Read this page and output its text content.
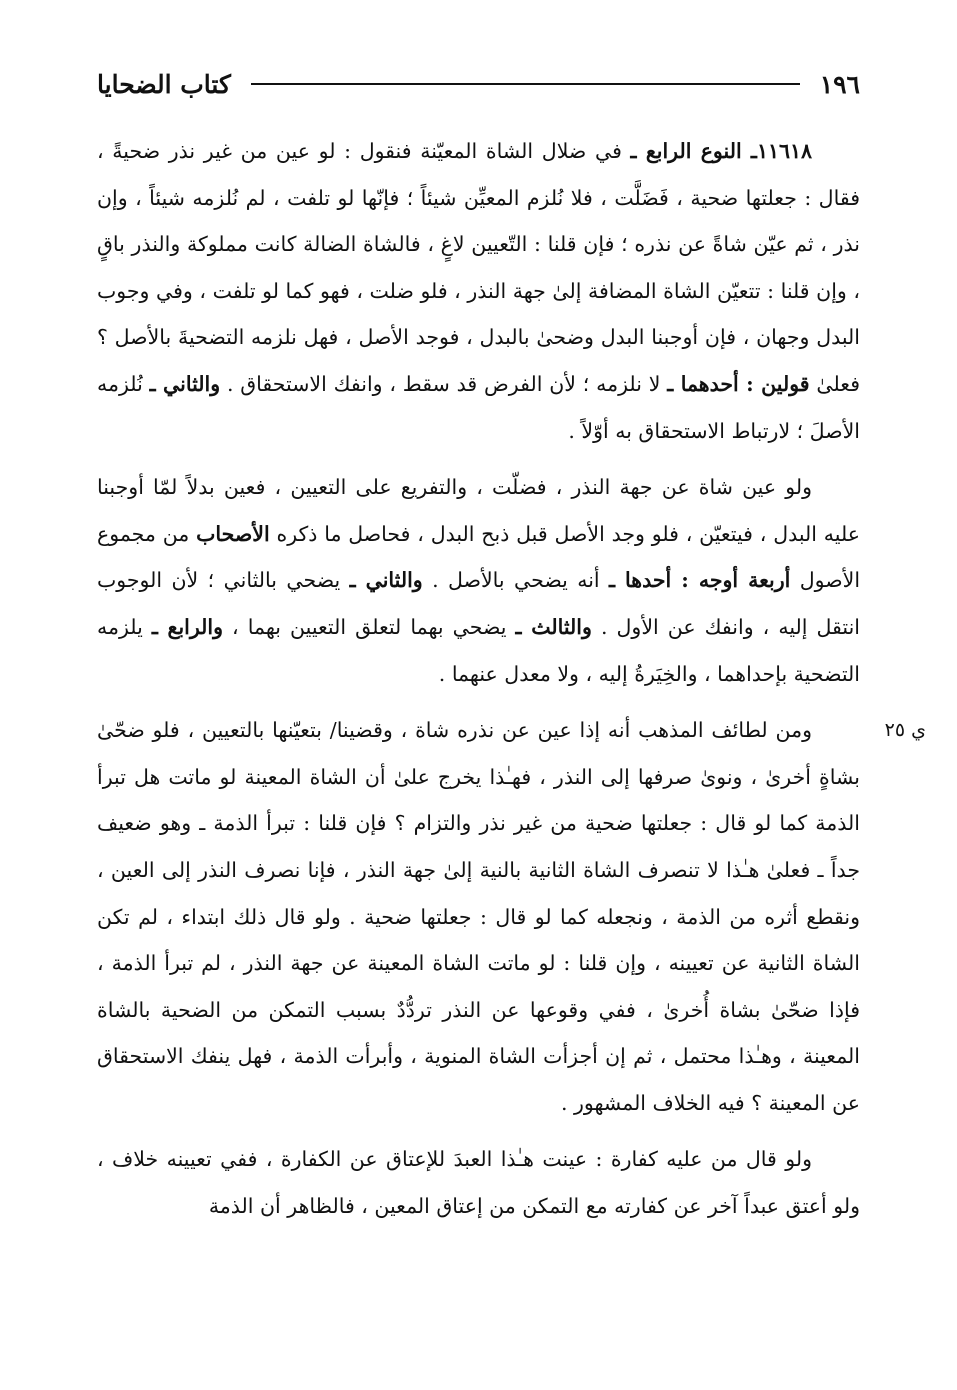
١٩٦
كتاب الضحايا

١١٦١٨ـ النوع الرابع ـ في ضلال الشاة المعيّنة فنقول : لو عين من غير نذر ضحيةً ، فقال : جعلتها ضحية ، فَضَلَّت ، فلا نُلزم المعيِّن شيئاً ؛ فإنّها لو تلفت ، لم نُلزمه شيئاً ، وإن نذر ، ثم عيّن شاةً عن نذره ؛ فإن قلنا : التّعيين لاغٍ ، فالشاة الضالة كانت مملوكة والنذر باقٍ ، وإن قلنا : تتعيّن الشاة المضافة إلىٰ جهة النذر ، فلو ضلت ، فهو كما لو تلفت ، وفي وجوب البدل وجهان ، فإن أوجبنا البدل وضحىٰ بالبدل ، فوجد الأصل ، فهل نلزمه التضحيةَ بالأصل ؟ فعلىٰ قولين : أحدهما ـ لا نلزمه ؛ لأن الفرض قد سقط ، وانفك الاستحقاق . والثاني ـ نُلزمه الأصلَ ؛ لارتباط الاستحقاق به أوّلاً .

ولو عين شاة عن جهة النذر ، فضلّت ، والتفريع على التعيين ، فعين بدلاً لمّا أوجبنا عليه البدل ، فيتعيّن ، فلو وجد الأصل قبل ذبح البدل ، فحاصل ما ذكره الأصحاب من مجموع الأصول أربعة أوجه : أحدها ـ أنه يضحي بالأصل . والثاني ـ يضحي بالثاني ؛ لأن الوجوب انتقل إليه ، وانفك عن الأول . والثالث ـ يضحي بهما لتعلق التعيين بهما ، والرابع ـ يلزمه التضحية بإحداهما ، والخِيَرةُ إليه ، ولا معدل عنهما .

ي ٢٥
ومن لطائف المذهب أنه إذا عين عن نذره شاة ، وقضينا/ بتعيّنها بالتعيين ، فلو ضحّىٰ بشاةٍ أخرىٰ ، ونوىٰ صرفها إلى النذر ، فهـٰذا يخرج علىٰ أن الشاة المعينة لو ماتت هل تبرأ الذمة كما لو قال : جعلتها ضحية من غير نذر والتزام ؟ فإن قلنا : تبرأ الذمة ـ وهو ضعيف جداً ـ فعلىٰ هـٰذا لا تنصرف الشاة الثانية بالنية إلىٰ جهة النذر ، فإنا نصرف النذر إلى العين ، ونقطع أثره من الذمة ، ونجعله كما لو قال : جعلتها ضحية . ولو قال ذلك ابتداء ، لم تكن الشاة الثانية عن تعيينه ، وإن قلنا : لو ماتت الشاة المعينة عن جهة النذر ، لم تبرأ الذمة ، فإذا ضحّىٰ بشاة أُخرىٰ ، ففي وقوعها عن النذر تردُّدٌ بسبب التمكن من الضحية بالشاة المعينة ، وهـٰذا محتمل ، ثم إن أجزأت الشاة المنوية ، وأبرأت الذمة ، فهل ينفك الاستحقاق عن المعينة ؟ فيه الخلاف المشهور .

ولو قال من عليه كفارة : عينت هـٰذا العبدَ للإعتاق عن الكفارة ، ففي تعيينه خلاف ، ولو أعتق عبداً آخر عن كفارته مع التمكن من إعتاق المعين ، فالظاهر أن الذمة
